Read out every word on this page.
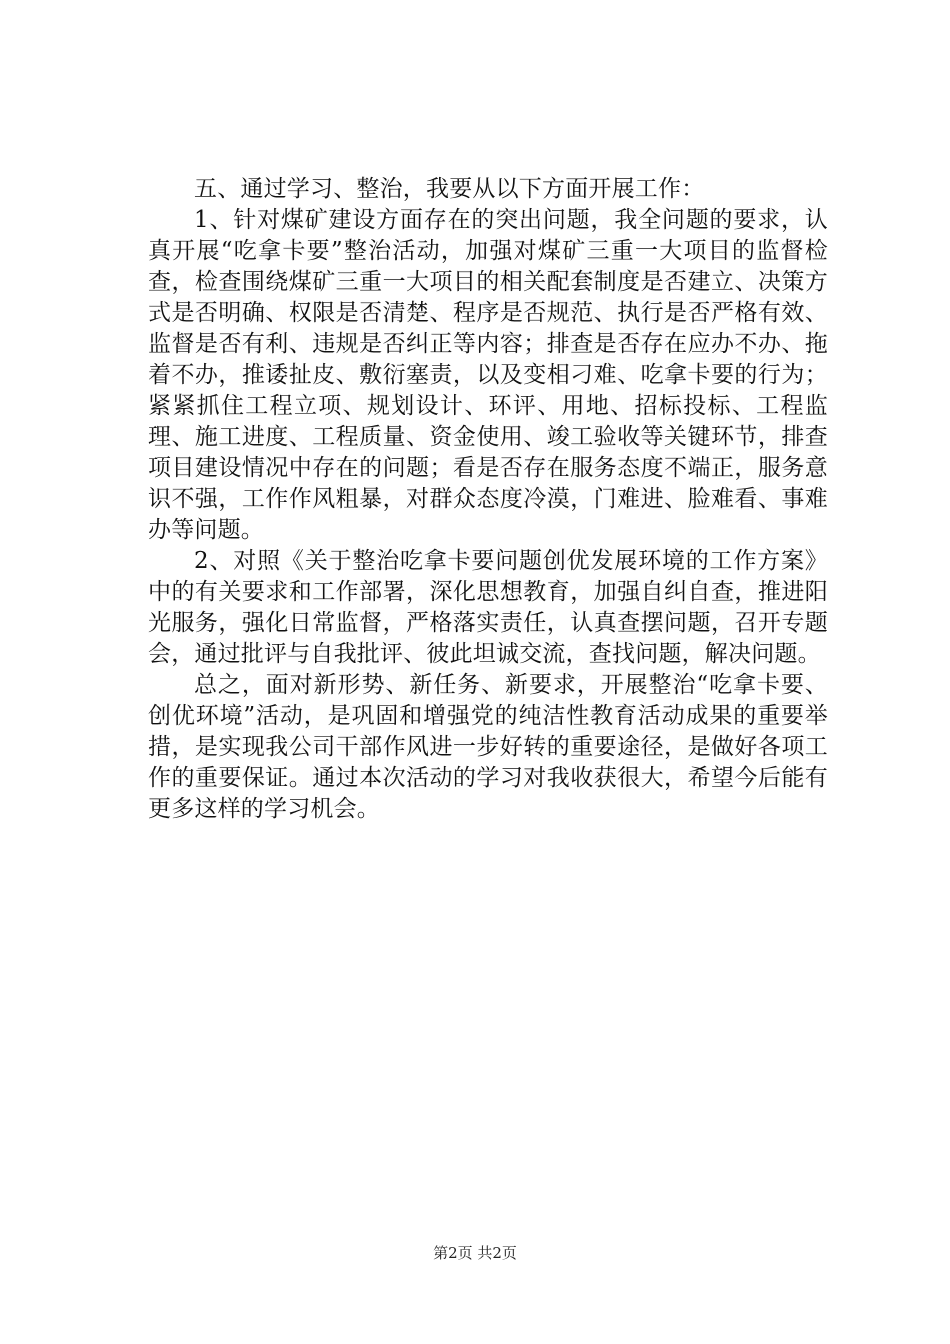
五、通过学习、整治，我要从以下方面开展工作：

1、针对煤矿建设方面存在的突出问题，我全问题的要求，认真开展“吃拿卡要”整治活动，加强对煤矿三重一大项目的监督检查，检查围绕煤矿三重一大项目的相关配套制度是否建立、决策方式是否明确、权限是否清楚、程序是否规范、执行是否严格有效、监督是否有利、违规是否纠正等内容；排查是否存在应办不办、拖着不办，推诿扯皮、敷衍塞责，以及变相刁难、吃拿卡要的行为；紧紧抓住工程立项、规划设计、环评、用地、招标投标、工程监理、施工进度、工程质量、资金使用、竣工验收等关键环节，排查项目建设情况中存在的问题；看是否存在服务态度不端正，服务意识不强，工作作风粗暴，对群众态度冷漠，门难进、脸难看、事难办等问题。

2、对照《关于整治吃拿卡要问题创优发展环境的工作方案》中的有关要求和工作部署，深化思想教育，加强自纠自查，推进阳光服务，强化日常监督，严格落实责任，认真查摆问题，召开专题会，通过批评与自我批评、彼此坦诚交流，查找问题，解决问题。

总之，面对新形势、新任务、新要求，开展整治“吃拿卡要、创优环境”活动，是巩固和增强党的纯洁性教育活动成果的重要举措，是实现我公司干部作风进一步好转的重要途径，是做好各项工作的重要保证。通过本次活动的学习对我收获很大，希望今后能有更多这样的学习机会。

第2页 共2页
